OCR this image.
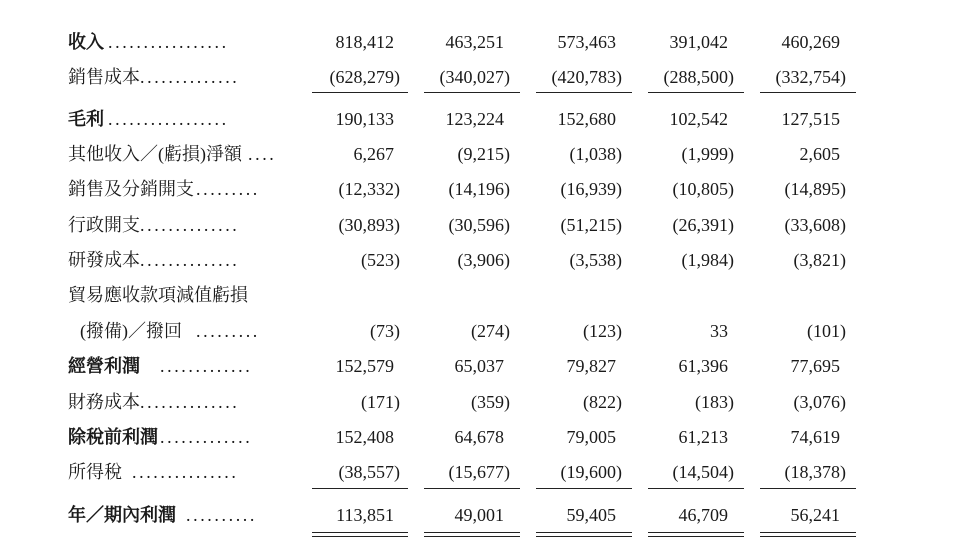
收入 .................	818,412	463,251	573,463	391,042	460,269
銷售成本 ..............	(628,279)	(340,027)	(420,783)	(288,500)	(332,754)
毛利 .................	190,133	123,224	152,680	102,542	127,515
其他收入／(虧損)淨額 ....	6,267	(9,215)	(1,038)	(1,999)	2,605
銷售及分銷開支 .........	(12,332)	(14,196)	(16,939)	(10,805)	(14,895)
行政開支 ..............	(30,893)	(30,596)	(51,215)	(26,391)	(33,608)
研發成本 ..............	(523)	(3,906)	(3,538)	(1,984)	(3,821)
貿易應收款項減值虧損
(撥備)／撥回 .........	(73)	(274)	(123)	33	(101)
經營利潤 .............	152,579	65,037	79,827	61,396	77,695
財務成本 ..............	(171)	(359)	(822)	(183)	(3,076)
除稅前利潤 .............	152,408	64,678	79,005	61,213	74,619
所得稅 ...............	(38,557)	(15,677)	(19,600)	(14,504)	(18,378)
年／期內利潤 ..........	113,851	49,001	59,405	46,709	56,241
